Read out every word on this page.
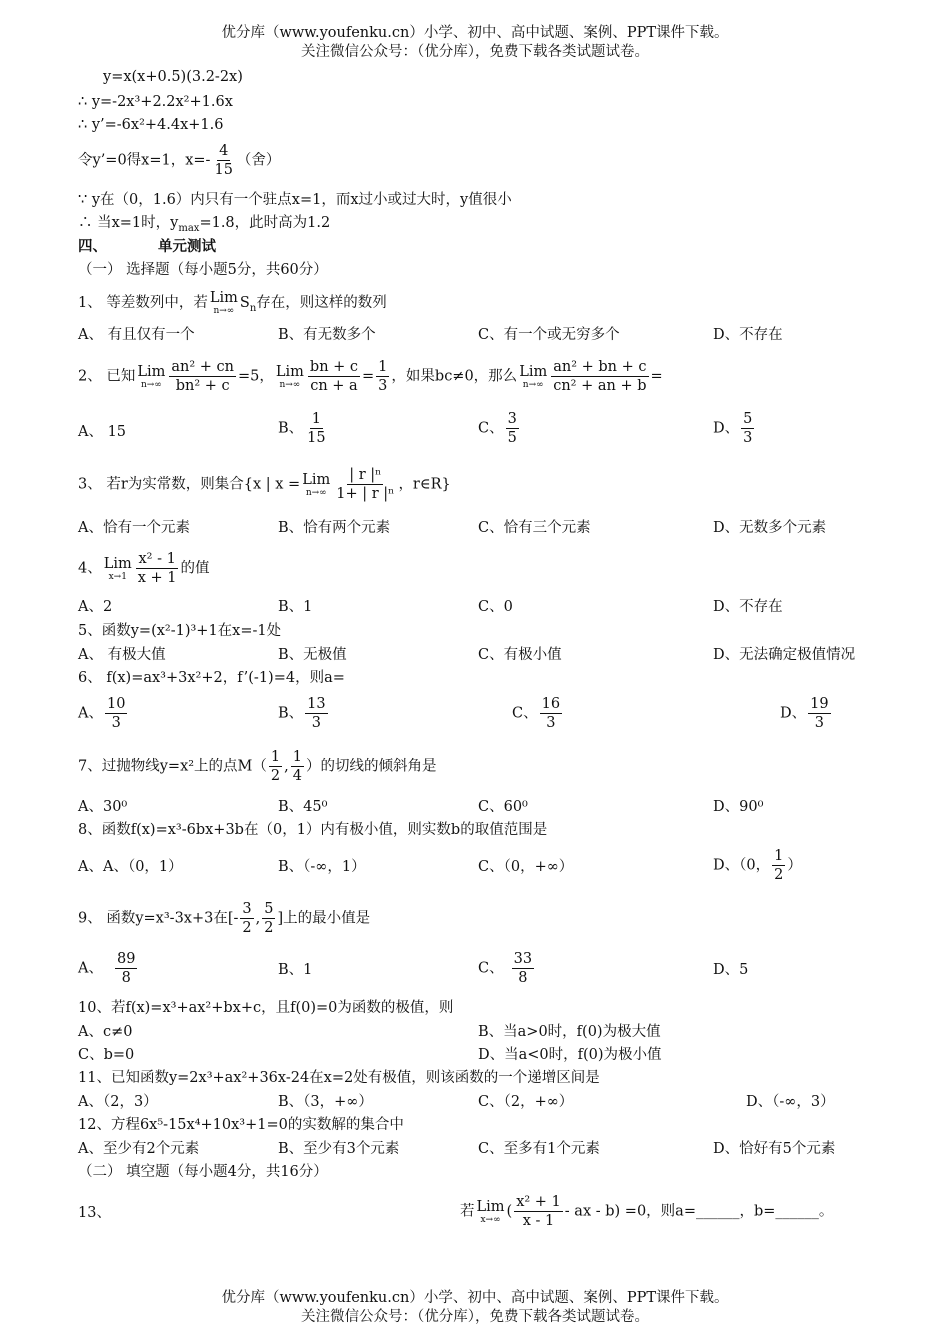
优分库（www.youfenku.cn）小学、初中、高中试题、案例、PPT课件下载。
关注微信公众号：（优分库），免费下载各类试题试卷。
y=x(x+0.5)(3.2-2x)
∴ y=-2x³+2.2x²+1.6x
∴ y’=-6x²+4.4x+1.6
令y’=0得x=1，$x=- \frac{4}{15}$ （舍）
∵ y在（0，1.6）内只有一个驻点x=1，而x过小或过大时，y值很小
∴ 当x=1时，$y_{max}=1.8$，此时高为1.2
四、	单元测试
（一） 选择题（每小题5分，共60分）
1、 等差数列中，若 Lim
n→∞ $S_n$存在，则这样的数列
A、 有且仅有一个	B、有无数多个	C、有一个或无穷多个	D、不存在
2、 已知 Lim
$n\to\infty \frac{\text{an² + cn}}{\text{bn² + c}} =5$， Lim
$n\to\infty \frac{bn + c}{cn + a} = \frac{1}{3}$ ，如果bc≠0，那么 Lim
$n\to\infty \frac{\text{an² + bn + c}}{\text{cn² + an + b}}$ =
A、 15	B、 $\frac{1}{15}$	C、 $\frac{3}{5}$	D、 $\frac{5}{3}$
3、 若r为实常数，则集合{x | x = Lim
$n\to\infty \frac{\text{| r |ⁿ}}{\text{1+ | r |ⁿ}}$ ，r∈R}
A、恰有一个元素	B、恰有两个元素	C、恰有三个元素	D、无数多个元素
4、 Lim
$x\to 1 \frac{\text{x² - 1}}{x + 1}$ 的值
A、2	B、1	C、0	D、不存在
5、函数y=(x²-1)³+1在x=-1处
A、 有极大值	B、无极值	C、有极小值	D、无法确定极值情况
6、 f(x)=ax³+3x²+2，f’(-1)=4，则a=
A、 $\frac{10}{3}$	B、 $\frac{13}{3}$	C、 $\frac{16}{3}$	D、 $\frac{19}{3}$
7、过抛物线y=x²上的点$M( \frac{1}{2}$ , $\frac{1}{4}$ ）的切线的倾斜角是
A、30⁰	B、45⁰	C、60⁰	D、90⁰
8、函数f(x)=x³-6bx+3b在（0，1）内有极小值，则实数b的取值范围是
A、A、（0，1）	B、（-∞，1）	C、（0，+∞）	D、（0， $\frac{1}{2}$ ）
9、 函数y=x³-3x+3在[- $\frac{3}{2}$ , $\frac{5}{2}$ ]上的最小值是
A、 $\frac{89}{8}$	B、1	C、 $\frac{33}{8}$	D、5
10、若f(x)=x³+ax²+bx+c，且f(0)=0为函数的极值，则
A、c≠0	B、当a>0时，f(0)为极大值
C、b=0	D、当a<0时，f(0)为极小值
11、已知函数y=2x³+ax²+36x-24在x=2处有极值，则该函数的一个递增区间是
A、（2，3）	B、（3，+∞）	C、（2，+∞）	D、（-∞，3）
12、方程6x⁵-15x⁴+10x³+1=0的实数解的集合中
A、至少有2个元素	B、至少有3个元素	C、至多有1个元素	D、恰好有5个元素
（二） 填空题（每小题4分，共16分）
13、	若 Lim
x→∞ ( $\frac{\text{x² + 1}}{x - 1}$ - ax - b) =0，则a=______，b=______。
优分库（www.youfenku.cn）小学、初中、高中试题、案例、PPT课件下载。
关注微信公众号：（优分库），免费下载各类试题试卷。
